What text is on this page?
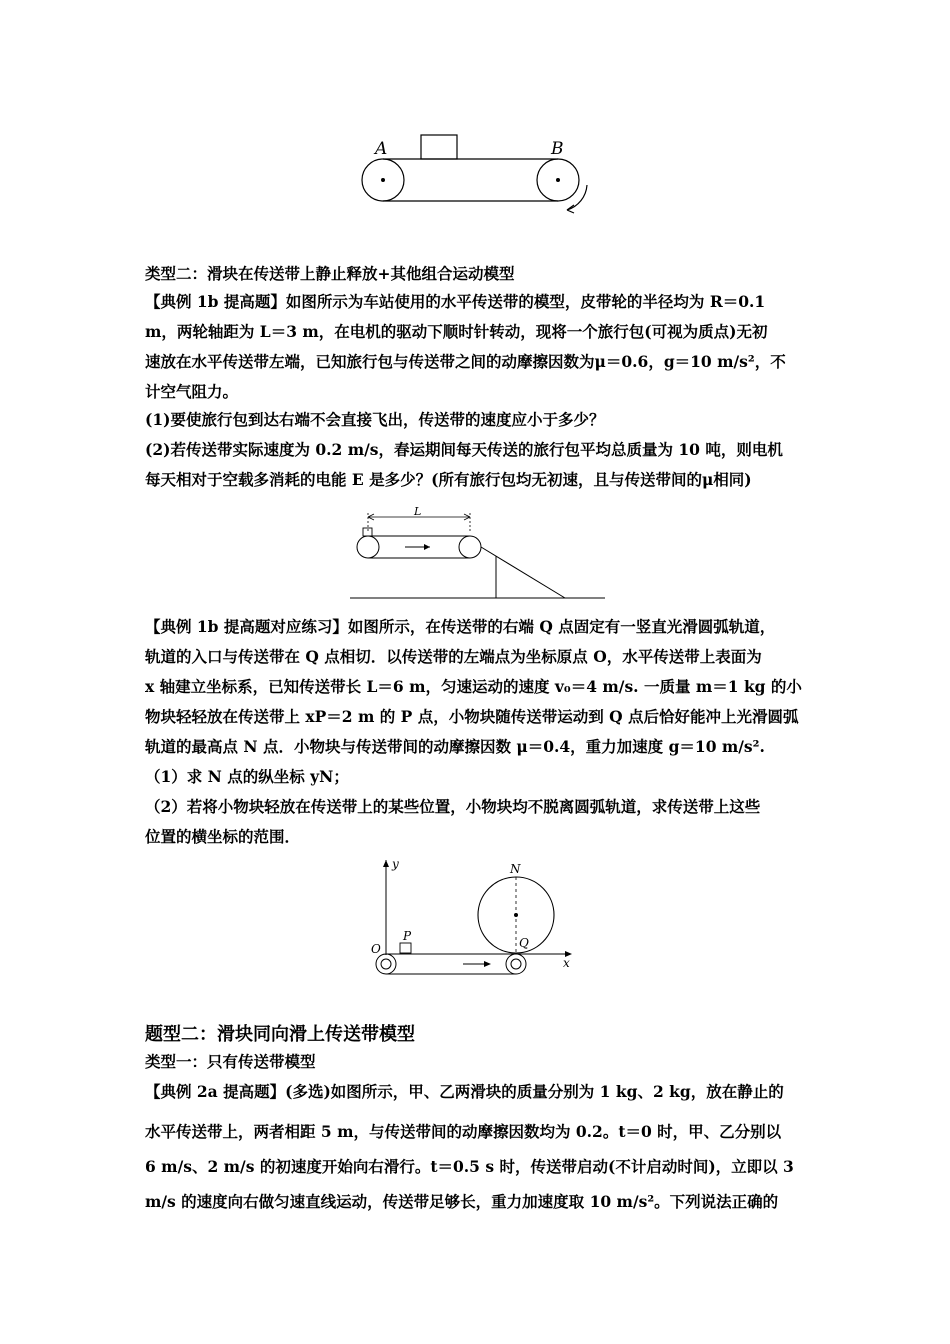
A	B
类型二：滑块在传送带上静止释放+其他组合运动模型
【典例 1b 提高题】如图所示为车站使用的水平传送带的模型，皮带轮的半径均为 R＝0.1
m，两轮轴距为 L＝3 m，在电机的驱动下顺时针转动，现将一个旅行包(可视为质点)无初
速放在水平传送带左端，已知旅行包与传送带之间的动摩擦因数为μ＝0.6，g＝10 m/s²，不
计空气阻力。
(1)要使旅行包到达右端不会直接飞出，传送带的速度应小于多少？
(2)若传送带实际速度为 0.2 m/s，春运期间每天传送的旅行包平均总质量为 10 吨，则电机
每天相对于空载多消耗的电能 E 是多少？(所有旅行包均无初速，且与传送带间的μ相同)
L
【典例 1b 提高题对应练习】如图所示，在传送带的右端 Q 点固定有一竖直光滑圆弧轨道，
轨道的入口与传送带在 Q 点相切．以传送带的左端点为坐标原点 O，水平传送带上表面为
x 轴建立坐标系，已知传送带长 L＝6 m，匀速运动的速度 v₀＝4 m/s. 一质量 m＝1 kg 的小
物块轻轻放在传送带上 xP＝2 m 的 P 点，小物块随传送带运动到 Q 点后恰好能冲上光滑圆弧
轨道的最高点 N 点．小物块与传送带间的动摩擦因数 μ＝0.4，重力加速度 g＝10 m/s².
（1）求 N 点的纵坐标 yN；
（2）若将小物块轻放在传送带上的某些位置，小物块均不脱离圆弧轨道，求传送带上这些
位置的横坐标的范围．
y	N
Q
O
P
x
题型二：滑块同向滑上传送带模型
类型一：只有传送带模型
【典例 2a 提高题】(多选)如图所示，甲、乙两滑块的质量分别为 1 kg、2 kg，放在静止的
水平传送带上，两者相距 5 m，与传送带间的动摩擦因数均为 0.2。t＝0 时，甲、乙分别以
6 m/s、2 m/s 的初速度开始向右滑行。t＝0.5 s 时，传送带启动(不计启动时间)，立即以 3
m/s 的速度向右做匀速直线运动，传送带足够长，重力加速度取 10 m/s²。下列说法正确的
